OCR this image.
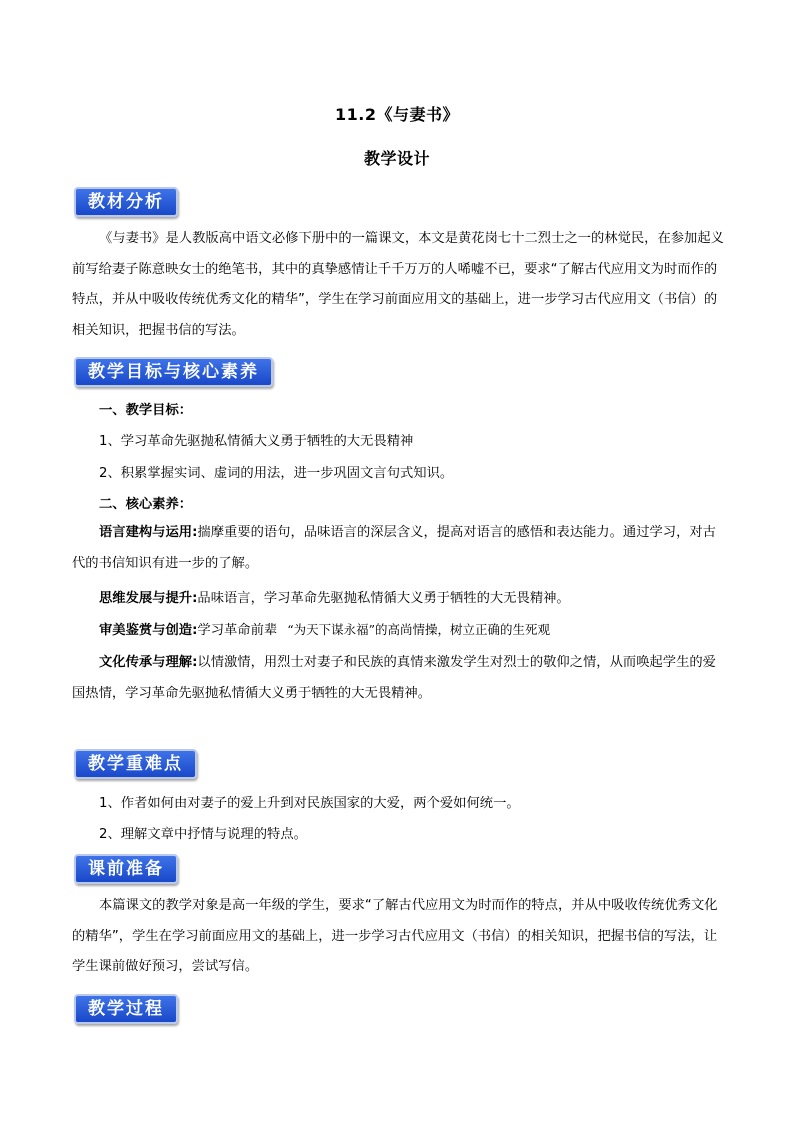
11.2《与妻书》
教学设计
教材分析
《与妻书》是人教版高中语文必修下册中的一篇课文，本文是黄花岗七十二烈士之一的林觉民，在参加起义前写给妻子陈意映女士的绝笔书，其中的真挚感情让千千万万的人唏嘘不已，要求“了解古代应用文为时而作的特点，并从中吸收传统优秀文化的精华”，学生在学习前面应用文的基础上，进一步学习古代应用文（书信）的相关知识，把握书信的写法。
教学目标与核心素养
一、教学目标：
1、学习革命先驱抛私情循大义勇于牺牲的大无畏精神
2、积累掌握实词、虚词的用法，进一步巩固文言句式知识。
二、核心素养：
语言建构与运用:揣摩重要的语句，品味语言的深层含义，提高对语言的感悟和表达能力。通过学习，对古代的书信知识有进一步的了解。
思维发展与提升:品味语言，学习革命先驱抛私情循大义勇于牺牲的大无畏精神。
审美鉴赏与创造:学习革命前辈 “为天下谋永福”的高尚情操，树立正确的生死观
文化传承与理解:以情激情，用烈士对妻子和民族的真情来激发学生对烈士的敬仰之情，从而唤起学生的爱国热情，学习革命先驱抛私情循大义勇于牺牲的大无畏精神。
教学重难点
1、作者如何由对妻子的爱上升到对民族国家的大爱，两个爱如何统一。
2、理解文章中抒情与说理的特点。
课前准备
本篇课文的教学对象是高一年级的学生，要求“了解古代应用文为时而作的特点，并从中吸收传统优秀文化的精华”，学生在学习前面应用文的基础上，进一步学习古代应用文（书信）的相关知识，把握书信的写法，让学生课前做好预习，尝试写信。
教学过程
